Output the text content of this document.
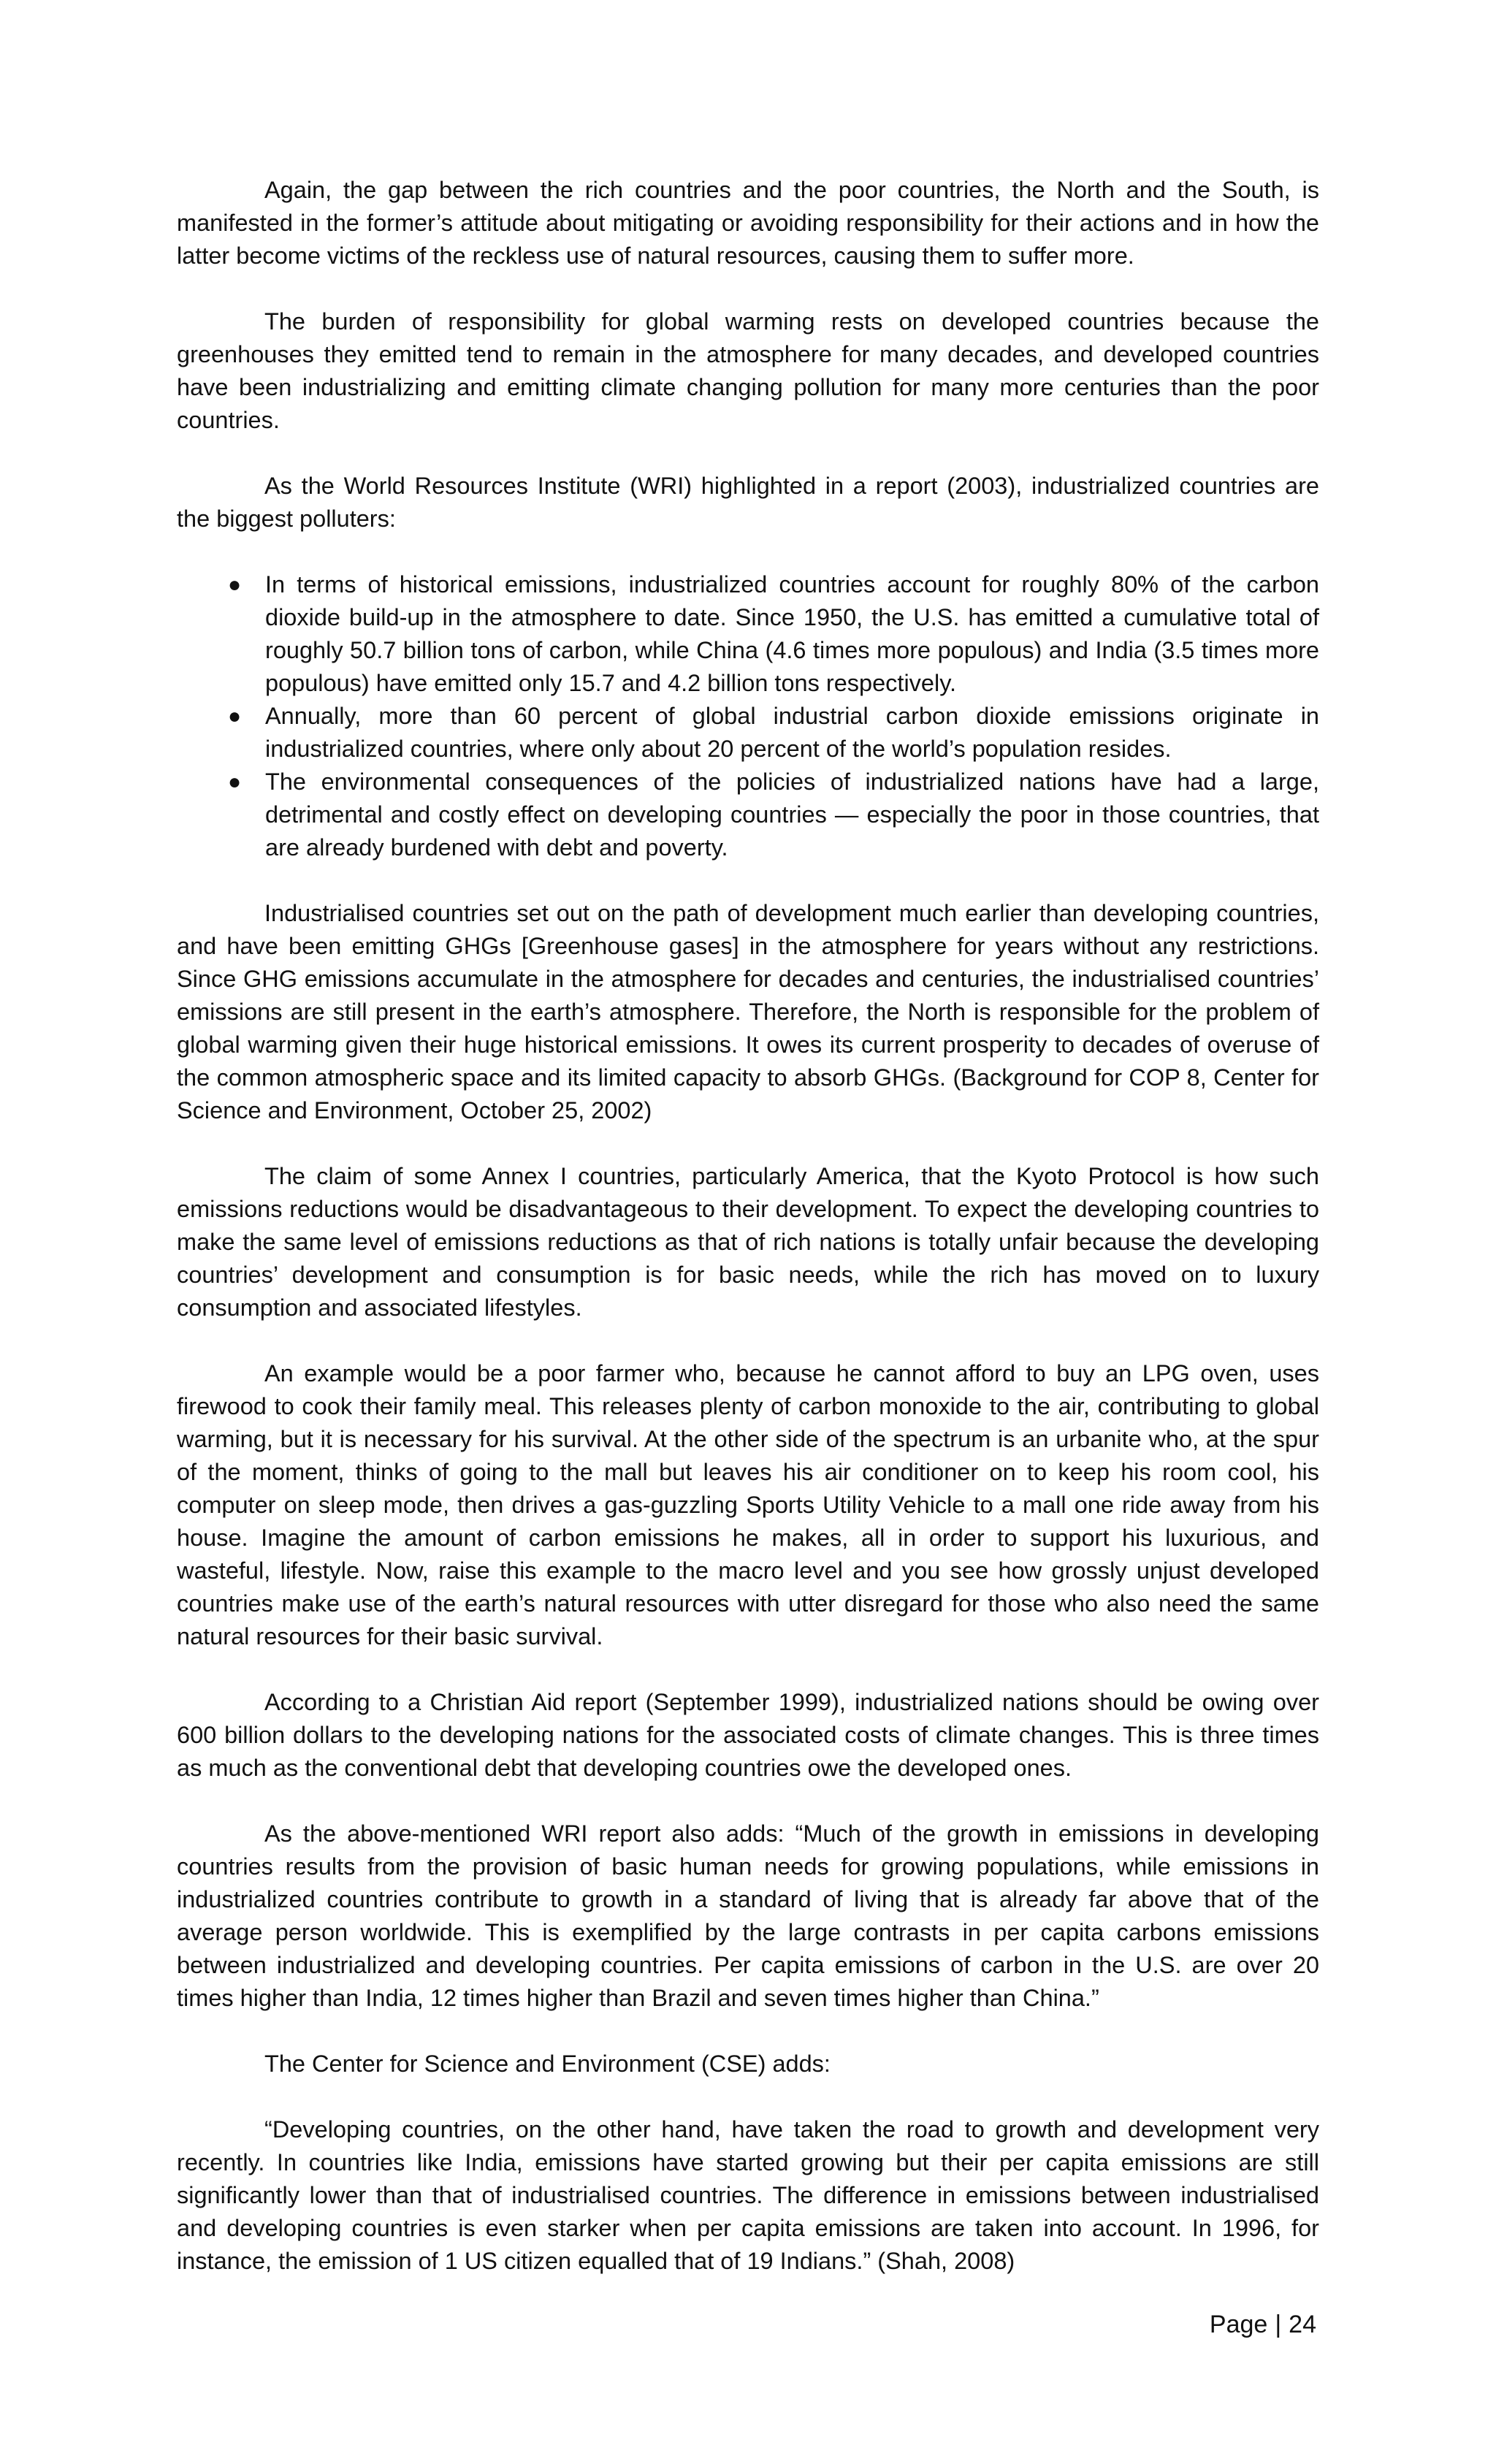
Again, the gap between the rich countries and the poor countries, the North and the South, is manifested in the former’s attitude about mitigating or avoiding responsibility for their actions and in how the latter become victims of the reckless use of natural resources, causing them to suffer more.

The burden of responsibility for global warming rests on developed countries because the greenhouses they emitted tend to remain in the atmosphere for many decades, and developed countries have been industrializing and emitting climate changing pollution for many more centuries than the poor countries.

As the World Resources Institute (WRI) highlighted in a report (2003), industrialized countries are the biggest polluters:

● In terms of historical emissions, industrialized countries account for roughly 80% of the carbon dioxide build-up in the atmosphere to date. Since 1950, the U.S. has emitted a cumulative total of roughly 50.7 billion tons of carbon, while China (4.6 times more populous) and India (3.5 times more populous) have emitted only 15.7 and 4.2 billion tons respectively.
● Annually, more than 60 percent of global industrial carbon dioxide emissions originate in industrialized countries, where only about 20 percent of the world’s population resides.
● The environmental consequences of the policies of industrialized nations have had a large, detrimental and costly effect on developing countries — especially the poor in those countries, that are already burdened with debt and poverty.

Industrialised countries set out on the path of development much earlier than developing countries, and have been emitting GHGs [Greenhouse gases] in the atmosphere for years without any restrictions. Since GHG emissions accumulate in the atmosphere for decades and centuries, the industrialised countries’ emissions are still present in the earth’s atmosphere. Therefore, the North is responsible for the problem of global warming given their huge historical emissions. It owes its current prosperity to decades of overuse of the common atmospheric space and its limited capacity to absorb GHGs. (Background for COP 8, Center for Science and Environment, October 25, 2002)

The claim of some Annex I countries, particularly America, that the Kyoto Protocol is how such emissions reductions would be disadvantageous to their development. To expect the developing countries to make the same level of emissions reductions as that of rich nations is totally unfair because the developing countries’ development and consumption is for basic needs, while the rich has moved on to luxury consumption and associated lifestyles.

An example would be a poor farmer who, because he cannot afford to buy an LPG oven, uses firewood to cook their family meal. This releases plenty of carbon monoxide to the air, contributing to global warming, but it is necessary for his survival. At the other side of the spectrum is an urbanite who, at the spur of the moment, thinks of going to the mall but leaves his air conditioner on to keep his room cool, his computer on sleep mode, then drives a gas-guzzling Sports Utility Vehicle to a mall one ride away from his house. Imagine the amount of carbon emissions he makes, all in order to support his luxurious, and wasteful, lifestyle. Now, raise this example to the macro level and you see how grossly unjust developed countries make use of the earth’s natural resources with utter disregard for those who also need the same natural resources for their basic survival.

According to a Christian Aid report (September 1999), industrialized nations should be owing over 600 billion dollars to the developing nations for the associated costs of climate changes. This is three times as much as the conventional debt that developing countries owe the developed ones.

As the above-mentioned WRI report also adds: “Much of the growth in emissions in developing countries results from the provision of basic human needs for growing populations, while emissions in industrialized countries contribute to growth in a standard of living that is already far above that of the average person worldwide. This is exemplified by the large contrasts in per capita carbons emissions between industrialized and developing countries. Per capita emissions of carbon in the U.S. are over 20 times higher than India, 12 times higher than Brazil and seven times higher than China.”

The Center for Science and Environment (CSE) adds:

“Developing countries, on the other hand, have taken the road to growth and development very recently. In countries like India, emissions have started growing but their per capita emissions are still significantly lower than that of industrialised countries. The difference in emissions between industrialised and developing countries is even starker when per capita emissions are taken into account. In 1996, for instance, the emission of 1 US citizen equalled that of 19 Indians.” (Shah, 2008)

Page | 24
